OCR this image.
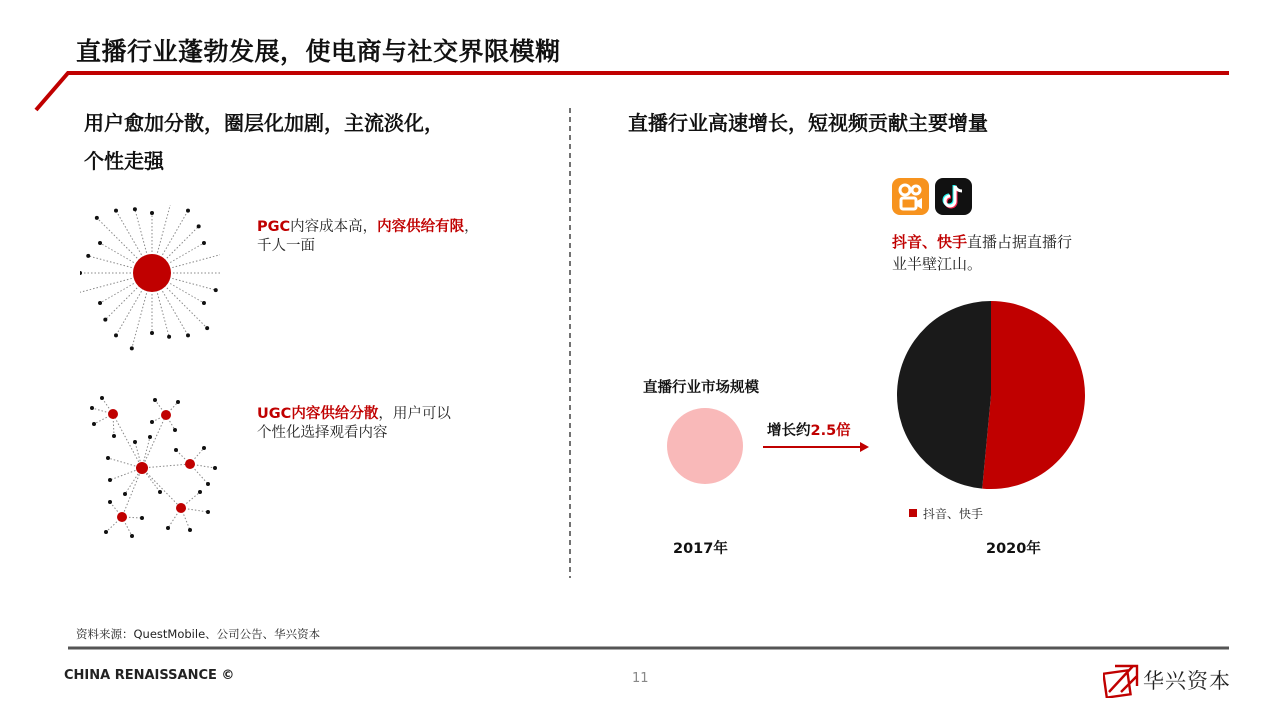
直播行业蓬勃发展，使电商与社交界限模糊
用户愈加分散，圈层化加剧，主流淡化，
个性走强
PGC内容成本高，内容供给有限，
千人一面
UGC内容供给分散，用户可以
个性化选择观看内容
直播行业高速增长，短视频贡献主要增量
抖音、快手直播占据直播行
业半壁江山。
直播行业市场规模
增长约2.5倍
抖音、快手
2017年	2020年
资料来源：QuestMobile、公司公告、华兴资本
CHINA RENAISSANCE ©	11	华兴资本
